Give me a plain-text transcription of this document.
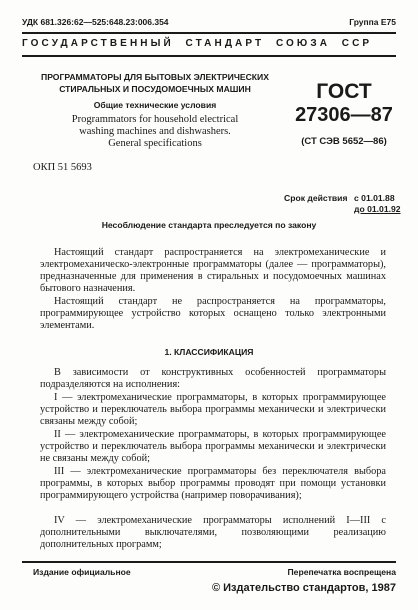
УДК 681.326:62—525:648.23:006.354	Группа Е75
ГОСУДАРСТВЕННЫЙ  СТАНДАРТ  СОЮЗА  ССР
ПРОГРАММАТОРЫ ДЛЯ БЫТОВЫХ ЭЛЕКТРИЧЕСКИХ
СТИРАЛЬНЫХ И ПОСУДОМОЕЧНЫХ МАШИН
Общие технические условия
Programmators for household electrical
washing machines and dishwashers.
General specifications
ГОСТ
27306—87
(СТ СЭВ 5652—86)
ОКП 51 5693
Срок действия с 01.01.88
до 01.01.92
Несоблюдение стандарта преследуется по закону

Настоящий стандарт распространяется на электромеханические и электромеханическо-электронные программаторы (далее — программаторы), предназначенные для применения в стиральных и посудомоечных машинах бытового назначения.

Настоящий стандарт не распространяется на программаторы, программирующее устройство которых оснащено только электронными элементами.

1. КЛАССИФИКАЦИЯ

В зависимости от конструктивных особенностей программаторы подразделяются на исполнения:

I — электромеханические программаторы, в которых программирующее устройство и переключатель выбора программы механически и электрически связаны между собой;

II — электромеханические программаторы, в которых программирующее устройство и переключатель выбора программы механически и электрически не связаны между собой;

III — электромеханические программаторы без переключателя выбора программы, в которых выбор программы проводят при помощи установки программирующего устройства (например поворачивания);

IV — электромеханические программаторы исполнений I—III с дополнительными выключателями, позволяющими реализацию дополнительных программ;

Издание официальное	Перепечатка воспрещена
© Издательство стандартов, 1987
